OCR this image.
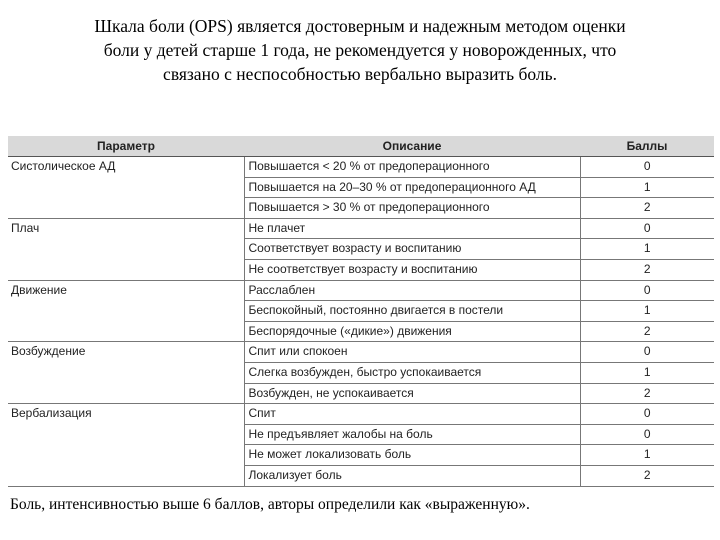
Шкала боли (OPS) является достоверным и надежным методом оценки
боли у детей старше 1 года, не рекомендуется у новорожденных, что
связано с неспособностью вербально выразить боль.
Параметр	Описание	Баллы
Систолическое АД	Повышается < 20 % от предоперационного	0
	Повышается на 20–30 % от предоперационного АД	1
	Повышается > 30 % от предоперационного	2
Плач	Не плачет	0
	Соответствует возрасту и воспитанию	1
	Не соответствует возрасту и воспитанию	2
Движение	Расслаблен	0
	Беспокойный, постоянно двигается в постели	1
	Беспорядочные («дикие») движения	2
Возбуждение	Спит или спокоен	0
	Слегка возбужден, быстро успокаивается	1
	Возбужден, не успокаивается	2
Вербализация	Спит	0
	Не предъявляет жалобы на боль	0
	Не может локализовать боль	1
	Локализует боль	2
Боль, интенсивностью выше 6 баллов, авторы определили как «выраженную».
